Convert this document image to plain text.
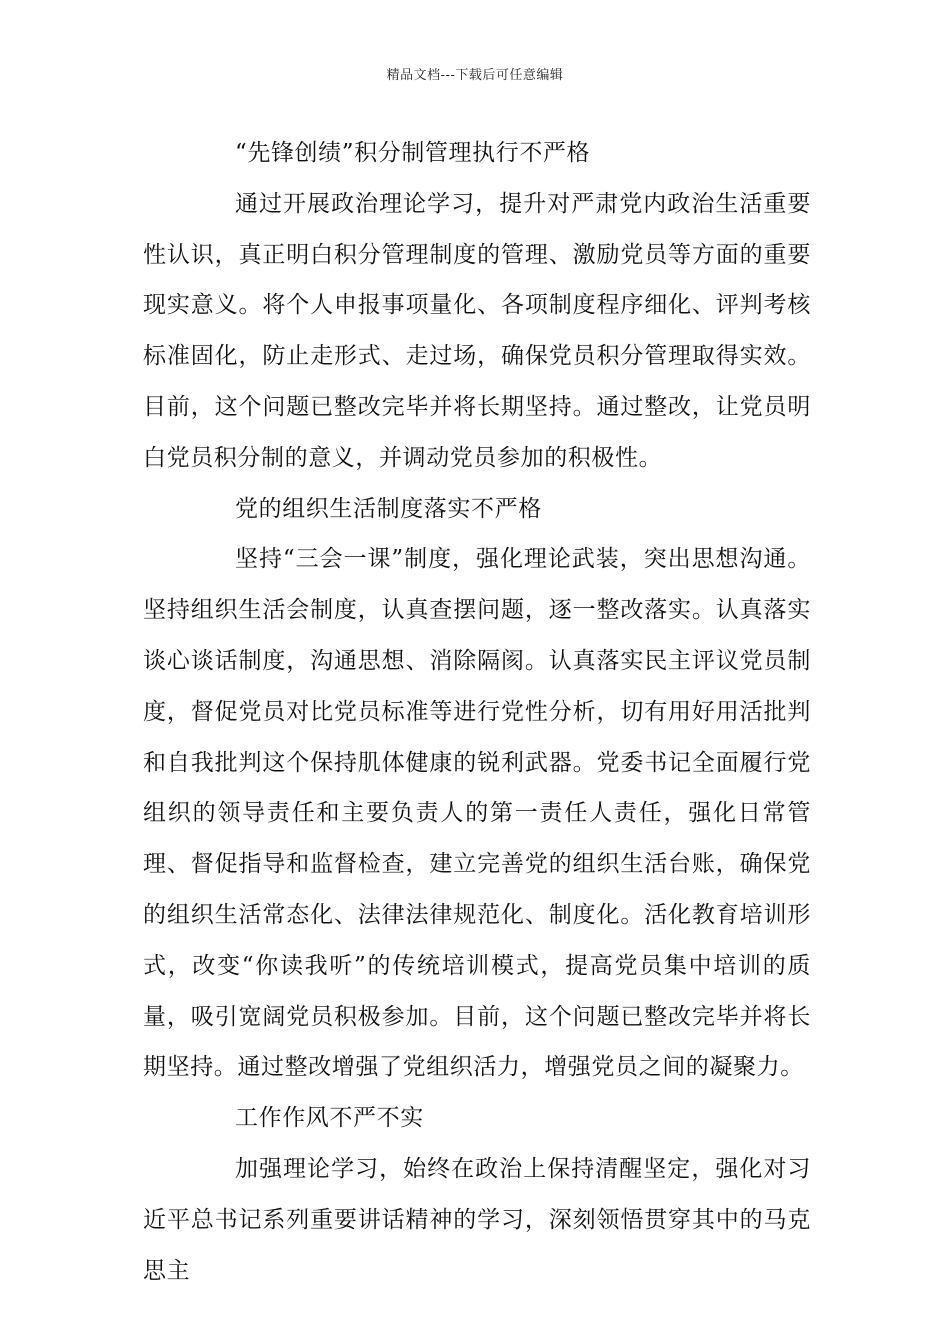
精品文档---下载后可任意编辑

“先锋创绩”积分制管理执行不严格

通过开展政治理论学习，提升对严肃党内政治生活重要性认识，真正明白积分管理制度的管理、激励党员等方面的重要现实意义。将个人申报事项量化、各项制度程序细化、评判考核标准固化，防止走形式、走过场，确保党员积分管理取得实效。目前，这个问题已整改完毕并将长期坚持。通过整改，让党员明白党员积分制的意义，并调动党员参加的积极性。

党的组织生活制度落实不严格

坚持“三会一课”制度，强化理论武装，突出思想沟通。坚持组织生活会制度，认真查摆问题，逐一整改落实。认真落实谈心谈话制度，沟通思想、消除隔阂。认真落实民主评议党员制度，督促党员对比党员标准等进行党性分析，切有用好用活批判和自我批判这个保持肌体健康的锐利武器。党委书记全面履行党组织的领导责任和主要负责人的第一责任人责任，强化日常管理、督促指导和监督检查，建立完善党的组织生活台账，确保党的组织生活常态化、法律法律规范化、制度化。活化教育培训形式，改变“你读我听”的传统培训模式，提高党员集中培训的质量，吸引宽阔党员积极参加。目前，这个问题已整改完毕并将长期坚持。通过整改增强了党组织活力，增强党员之间的凝聚力。

工作作风不严不实

加强理论学习，始终在政治上保持清醒坚定，强化对习近平总书记系列重要讲话精神的学习，深刻领悟贯穿其中的马克思主
